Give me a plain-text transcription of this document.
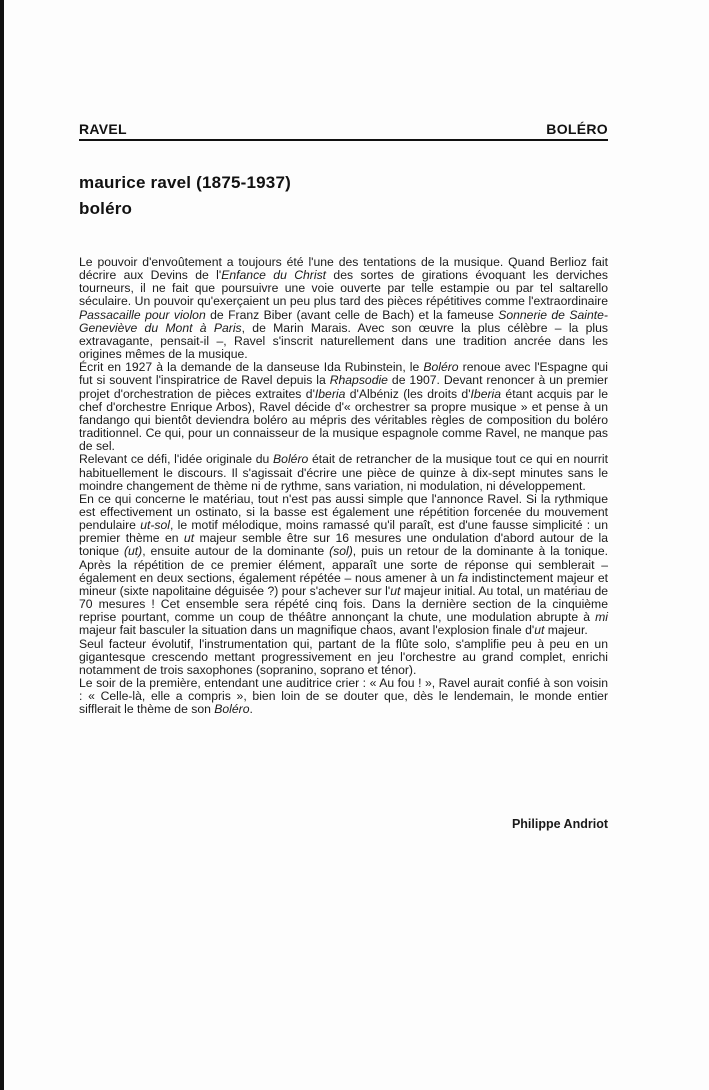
RAVEL	BOLÉRO
maurice ravel (1875-1937)
boléro

Le pouvoir d'envoûtement a toujours été l'une des tentations de la musique. Quand Berlioz fait décrire aux Devins de l'Enfance du Christ des sortes de girations évoquant les derviches tourneurs, il ne fait que poursuivre une voie ouverte par telle estampie ou par tel saltarello séculaire. Un pouvoir qu'exerçaient un peu plus tard des pièces répétitives comme l'extraordinaire Passacaille pour violon de Franz Biber (avant celle de Bach) et la fameuse Sonnerie de Sainte-Geneviève du Mont à Paris, de Marin Marais. Avec son œuvre la plus célèbre – la plus extravagante, pensait-il –, Ravel s'inscrit naturellement dans une tradition ancrée dans les origines mêmes de la musique.

Écrit en 1927 à la demande de la danseuse Ida Rubinstein, le Boléro renoue avec l'Espagne qui fut si souvent l'inspiratrice de Ravel depuis la Rhapsodie de 1907. Devant renoncer à un premier projet d'orchestration de pièces extraites d'Iberia d'Albéniz (les droits d'Iberia étant acquis par le chef d'orchestre Enrique Arbos), Ravel décide d'« orchestrer sa propre musique » et pense à un fandango qui bientôt deviendra boléro au mépris des véritables règles de composition du boléro traditionnel. Ce qui, pour un connaisseur de la musique espagnole comme Ravel, ne manque pas de sel.

Relevant ce défi, l'idée originale du Boléro était de retrancher de la musique tout ce qui en nourrit habituellement le discours. Il s'agissait d'écrire une pièce de quinze à dix-sept minutes sans le moindre changement de thème ni de rythme, sans variation, ni modulation, ni développement.

En ce qui concerne le matériau, tout n'est pas aussi simple que l'annonce Ravel. Si la rythmique est effectivement un ostinato, si la basse est également une répétition forcenée du mouvement pendulaire ut-sol, le motif mélodique, moins ramassé qu'il paraît, est d'une fausse simplicité : un premier thème en ut majeur semble être sur 16 mesures une ondulation d'abord autour de la tonique (ut), ensuite autour de la dominante (sol), puis un retour de la dominante à la tonique. Après la répétition de ce premier élément, apparaît une sorte de réponse qui semblerait – également en deux sections, également répétée – nous amener à un fa indistinctement majeur et mineur (sixte napolitaine déguisée ?) pour s'achever sur l'ut majeur initial. Au total, un matériau de 70 mesures ! Cet ensemble sera répété cinq fois. Dans la dernière section de la cinquième reprise pourtant, comme un coup de théâtre annonçant la chute, une modulation abrupte à mi majeur fait basculer la situation dans un magnifique chaos, avant l'explosion finale d'ut majeur.

Seul facteur évolutif, l'instrumentation qui, partant de la flûte solo, s'amplifie peu à peu en un gigantesque crescendo mettant progressivement en jeu l'orchestre au grand complet, enrichi notamment de trois saxophones (sopranino, soprano et ténor).

Le soir de la première, entendant une auditrice crier : « Au fou ! », Ravel aurait confié à son voisin : « Celle-là, elle a compris », bien loin de se douter que, dès le lendemain, le monde entier sifflerait le thème de son Boléro.

Philippe Andriot
